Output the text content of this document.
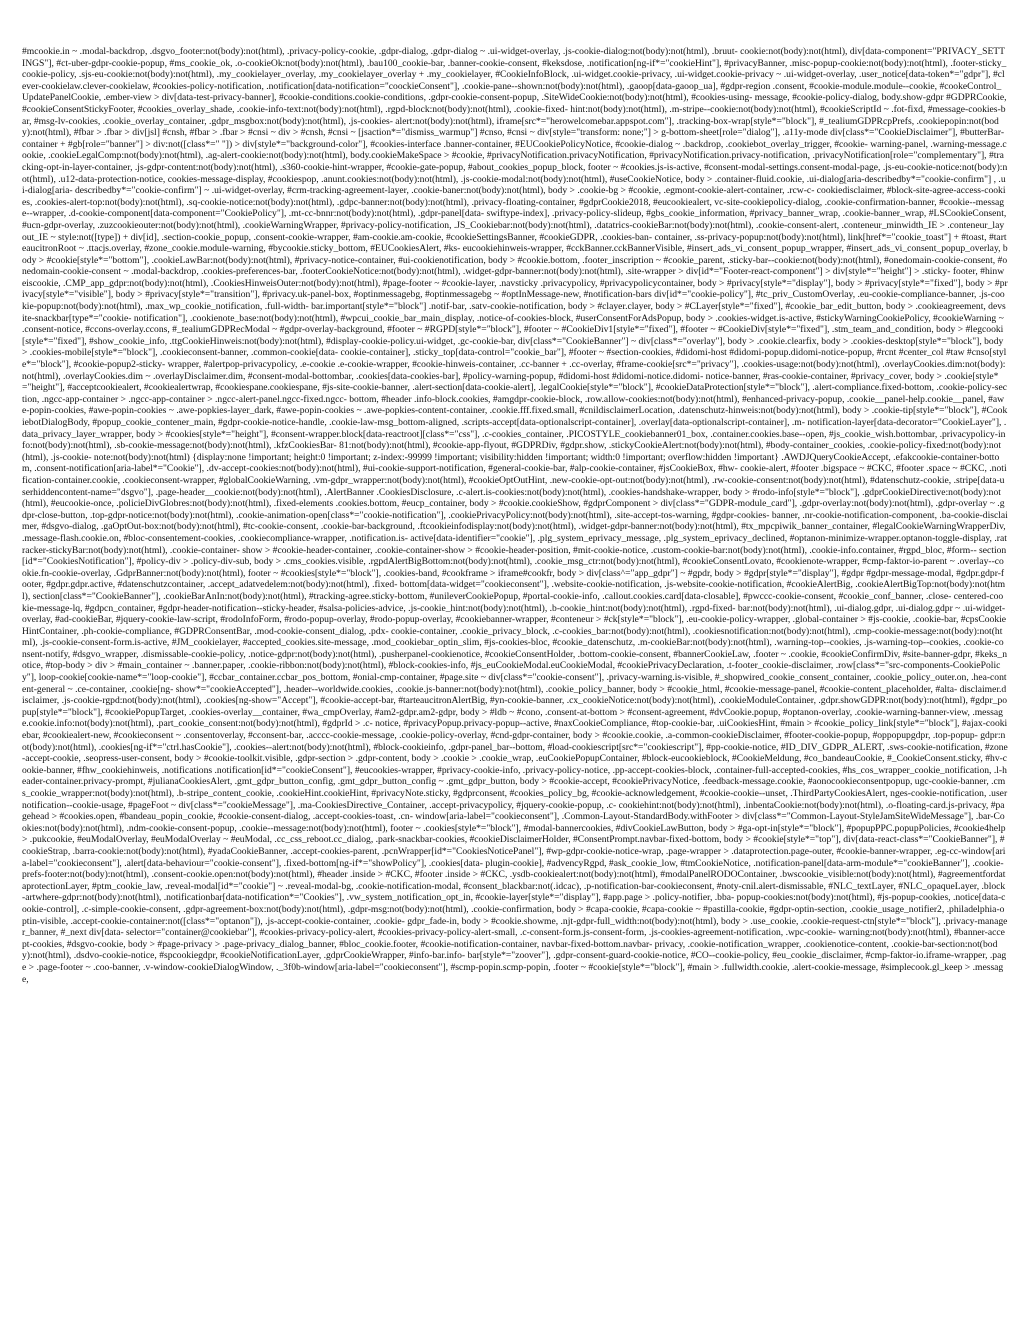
#mcookie.in ~ .modal-backdrop, .dsgvo_footer:not(body):not(html), .privacy-policy-cookie, .gdpr-dialog, .gdpr-dialog ~ .ui-widget-overlay, .js-cookie-dialog:not(body):not(html), .bruut- cookie:not(body):not(html), div[data-component="PRIVACY_SETTINGS"], #ct-uber-gdpr-cookie-popup, #ms_cookie_ok, .o-cookieOk:not(body):not(html), .bau100_cookie-bar, .banner-cookie-consent, #keksdose, .notification[ng-if*="cookieHint"], #privacyBanner, .misc-popup-cookie:not(body):not(html), .footer-sticky_cookie-policy, .sjs-eu-cookie:not(body):not(html), .my_cookielayer_overlay, .my_cookielayer_overlay + .my_cookielayer, #CookieInfoBlock, .ui-widget.cookie-privacy, .ui-widget.cookie-privacy ~ .ui-widget-overlay, .user_notice[data-token*="gdpr"], #clever-cookielaw.clever-cookielaw, #cookies-policy-notification, .notification[data-notification="coockieConsent"], .cookie-pane--shown:not(body):not(html), .gaoop[data-gaoop_ua], #gdpr-region .consent, #cookie-module.module--cookie, #cookeControl_UpdatePanelCookie, .ember-view > div[data-test-privacy-banner], #cookie-conditions.cookie-conditions, .gdpr-cookie-consent-popup, .SiteWideCookie:not(body):not(html), #cookies-using- message, #cookie-policy-dialog, body.show-gdpr #GDPRCookie, #cookieConsentStickyFooter, #cookies_overlay_shade, .cookie-info-text:not(body):not(html), .rgpd-block:not(body):not(html), .cookie-fixed- hint:not(body):not(html), .m-stripe--cookie:not(body):not(html), #cookieScriptId ~ .fot-fixd, #message-cookies-bar, #msg-lv-cookies, .cookie_overlay_container, .gdpr_msgbox:not(body):not(html), .js-cookies- alert:not(body):not(html), iframe[src*="herowelcomebar.appspot.com"], .tracking-box-wrap[style*="block"], #_tealiumGDPRcpPrefs, .cookiepopin:not(body):not(html), #fbar > .fbar > div[jsl] #cnsh, #fbar > .fbar > #cnsi ~ div > #cnsh, #cnsi ~ [jsaction*="dismiss_warmup"] #cnso, #cnsi ~ div[style="transform: none;"] > g-bottom-sheet[role="dialog"], .a11y-mode div[class*="CookieDisclaimer"], #butterBar-container + #gb[role="banner"] > div:not([class*=" "]) > div[style*="background-color"], #cookies-interface .banner-container, #EUCookiePolicyNotice, #cookie-dialog ~ .backdrop, .cookiebot_overlay_trigger, #cookie- warning-panel, .warning-message.cookie, .cookieLegalComp:not(body):not(html), .ag-alert-cookie:not(body):not(html), body.cookieMakeSpace > #cookie, #privacyNotification.privacyNotification, #privacyNotification.privacy-notification, .privacyNotification[role="complementary"], #tracking-opt-in-layer-container, .js-gdpr-content:not(body):not(html), .s360-cookie-hint-wrapper, #cookie-gate-popup, #about_cookies_popup_block, footer ~ #cookies.js-is-active, #consent-modal-settings.consent-modal-page, .js-eu-cookie-notice:not(body):not(html), .u12-data-protection-notice, cookies-message-display, #cookiespop, .anunt.cookies:not(body):not(html), .js-cookie-modal:not(body):not(html), #useCookieNotice, body > .container-fluid.cookie, .ui-dialog[aria-describedby*="cookie-confirm"] , .ui-dialog[aria- describedby*="cookie-confirm"] ~ .ui-widget-overlay, #crm-tracking-agreement-layer, .cookie-baner:not(body):not(html), body > .cookie-bg > #cookie, .egmont-cookie-alert-container, .rcw-c- cookiedisclaimer, #block-site-agree-access-cookies, .cookies-alert-top:not(body):not(html), .sq-cookie-notice:not(body):not(html), .gdpc-banner:not(body):not(html), .privacy-floating-container, #gdprCookie2018, #eucookiealert, vc-site-cookiepolicy-dialog, .cookie-confirmation-banner, #cookie--message--wrapper, .d-cookie-component[data-component="CookiePolicy"], .mt-cc-bnnr:not(body):not(html), .gdpr-panel[data- swiftype-index], .privacy-policy-slideup, #gbs_cookie_information, #privacy_banner_wrap, .cookie-banner_wrap, #LSCookieConsent, #ucn-gdpr-overlay, .zuzcookieouter:not(body):not(html), .cookieWarningWrapper, #privacy-policy-notification, .JS_Cookiebar:not(body):not(html), .datatrics-cookieBar:not(body):not(html), .cookie-consent-alert, .conteneur_minwidth_IE > .conteneur_layout_IE ~ style:not([type]) + div[id], .section-cookie_popup, .consent-cookie-wrapper, #am-cookie.am-cookie, #cookieSettingsBanner, #cookieGDPR, .cookies-ban- container, .ss-privacy-popup:not(body):not(html), link[href*="cookie_toast"] + #toast, #tarteaucitronRoot ~ .ttacjs.overlay, #zone_cookie.module-warning, #bycookie.sticky_bottom, #EUCookiesAlert, #ks- eucookiehinweis-wrapper, #cckBanner.cckBannerVisible, #insert_ads_vi_consent_popup_wrapper, #insert_ads_vi_consent_popup_overlay, body > #cookie[style*="bottom"], .cookieLawBar:not(body):not(html), #privacy-notice-container, #ui-cookienotification, body > #cookie.bottom, .footer_inscription ~ #cookie_parent, .sticky-bar--cookie:not(body):not(html), #onedomain-cookie-consent, #onedomain-cookie-consent ~ .modal-backdrop, .cookies-preferences-bar, .footerCookieNotice:not(body):not(html), .widget-gdpr-banner:not(body):not(html), .site-wrapper > div[id*="Footer-react-component"] > div[style*="height"] > .sticky- footer, #hinweiscookie, .CMP_app_gdpr:not(body):not(html), .CookiesHinweisOuter:not(body):not(html), #page-footer ~ #cookie-layer, .navsticky .privacypolicy, #privacypolicycontainer, body > #privacy[style*="display"], body > #privacy[style*="fixed"], body > #privacy[style*="visible"], body > #privacy[style*="transition"], #privacy.uk-panel-box, #optinmessagebg, #optinmessagebg ~ #optInMessage-new, #notification-bars div[id*="cookie-policy"], #tc_priv_CustomOverlay, .eu-cookie-compliance-banner, .js-cookie-popup:not(body):not(html), .max_wp_cookie_notification, .full-width- bar.important[style*="block"] .notif-bar, .satv-cookie-notification, body > #clayer.clayer, body > #CLayer[style*="fixed"], #cookie_bar_edit_button, body > .cookieagreement, devsite-snackbar[type*="cookie- notification"], .cookienote_base:not(body):not(html), #wpcui_cookie_bar_main_display, .notice-of-cookies-block, #userConsentForAdsPopup, body > .cookies-widget.is-active, #stickyWarningCookiePolicy, #cookieWarning ~ .consent-notice, #ccons-overlay.ccons, #_tealiumGDPRecModal ~ #gdpr-overlay-background, #footer ~ #RGPD[style*="block"], #footer ~ #CookieDiv1[style*="fixed"], #footer ~ #CookieDiv[style*="fixed"], .stm_team_and_condition, body > #legcooki[style*="fixed"], #show_cookie_info, .ttgCookieHinweis:not(body):not(html), #display-cookie-policy.ui-widget, .gc-cookie-bar, div[class*="CookieBanner"] ~ div[class*="overlay"], body > .cookie.clearfix, body > .cookies-desktop[style*="block"], body > .cookies-mobile[style*="block"], .cookieconsent-banner, .common-cookie[data- cookie-container], .sticky_top[data-control="cookie_bar"], #footer ~ #section-cookies, #didomi-host #didomi-popup.didomi-notice-popup, #rcnt #center_col #taw #cnso[style*="block"], #cookie-popup2-sticky- wrapper, #alertpop-privacypolicy, .e-cookie .e-cookie-wrapper, #cookie-hinweis-container, .cc-banner + .cc-overlay, #frame-cookie[src*="privacy"], .cookies-usage:not(body):not(html), .overlayCookies.dim:not(body):not(html), .overlayCookies.dim ~ .overlayDisclaimer.dim, #consent-modal-bottombar, .cookies[data-cookies-bar], #policy-warning-popup, #didomi-host #didomi-notice.didomi- notice-banner, #ras-cookie-container, #privacy_cover, body > .cookie[style*="height"], #acceptcookiealert, #cookiealertwrap, #cookiespane.cookiespane, #js-site-cookie-banner, .alert-section[data-cookie-alert], .legalCookie[style*="block"], #cookieDataProtection[style*="block"], .alert-compliance.fixed-bottom, .cookie-policy-section, .ngcc-app-container > .ngcc-app-container > .ngcc-alert-panel.ngcc-fixed.ngcc- bottom, #header .info-block.cookies, #amgdpr-cookie-block, .row.allow-cookies:not(body):not(html), #enhanced-privacy-popup, .cookie__panel-help.cookie__panel, #awe-popin-cookies, #awe-popin-cookies ~ .awe-popkies-layer_dark, #awe-popin-cookies ~ .awe-popkies-content-container, .cookie.fff.fixed.small, #cnildisclaimerLocation, .datenschutz-hinweis:not(body):not(html), body > .cookie-tip[style*="block"], #CookiebotDialogBody, #popup_cookie_contener_main, #gdpr-cookie-notice-handle, .cookie-law-msg_bottom-aligned, .scripts-accept[data-optionalscript-container], .overlay[data-optionalscript-container], .m- notification-layer[data-decorator="CookieLayer"], .data_privacy_layer_wrapper, body > #cookies[style*="height"], #consent-wrapper.block[data-reactroot][class*="css"], .c-cookies_container, .PICOSTYLE_cookiebanner01_box, .container.cookies.base--open, #js_cookie_wish.bottombar, .privacypolicy-info:not(body):not(html), .sb-cookie-message:not(body):not(html), .kfzCookiesBar- 81:not(body):not(html), #cookie-app-flyout, #GDPRDiv, #gdpr.show, .stickyCookieAlert:not(body):not(html), #body-container_cookies, .cookie-policy-fixed:not(body):not(html), .js-cookie- note:not(body):not(html) {display:none !important; height:0 !important; z-index:-99999 !important; visibility:hidden !important; width:0 !important; overflow:hidden !important} .AWDJQueryCookieAccept, .efakcookie-container-bottom, .consent-notification[aria-label*="Cookie"], .dv-accept-cookies:not(body):not(html), #ui-cookie-support-notification, #general-cookie-bar, #alp-cookie-container, #jsCookieBox, #hw- cookie-alert, #footer .bigspace ~ #CKC, #footer .space ~ #CKC, .notification-container.cookie, .cookieconsent-wrapper, #globalCookieWarning, .vm-gdpr_wrapper:not(body):not(html), #cookieOptOutHint, .new-cookie-opt-out:not(body):not(html), .rw-cookie-consent:not(body):not(html), #datenschutz-cookie, .stripe[data-userhiddencontent-name="dsgvo"], .page-header__cookie:not(body):not(html), .AlertBanner .CookiesDisclosure, .c-alert.is-cookies:not(body):not(html), .cookies-handshake-wrapper, body > #rodo-info[style*="block"], .gdprCookieDirective:not(body):not(html), #eucookie-once, .policieDivGlobres:not(body):not(html), .fixed-elements .cookies.bottom, #eucp_container, body > #cookie.cookieShow, #gdprComponent > div[class*="GDPR-module_card"], .gdpr-overlay:not(body):not(html), .gdpr-overlay ~ .gdpr-close-button, .top-gdpr-notice:not(body):not(html), .cookie-animation-open[class*="cookie-notification"], .cookiePrivacyPolicy:not(body):not(html), .site-accept-tos-warning, #gdpr-cookies- banner, .nr-cookie-notification-component, .ba-cookie-disclaimer, #dsgvo-dialog, .gaOptOut-box:not(body):not(html), #tc-cookie-consent, .cookie-bar-background, .ftcookieinfodisplay:not(body):not(html), .widget-gdpr-banner:not(body):not(html), #tx_mpcpiwik_banner_container, #legalCookieWarningWrapperDiv, .message-flash.cookie.on, #bloc-consentement-cookies, .cookiecompliance-wrapper, .notification.is- active[data-identifier="cookie"], .plg_system_eprivacy_message, .plg_system_eprivacy_declined, #optanon-minimize-wrapper.optanon-toggle-display, .ratracker-stickyBar:not(body):not(html), .cookie-container- show > #cookie-header-container, .cookie-container-show > #cookie-header-position, #mit-cookie-notice, .custom-cookie-bar:not(body):not(html), .cookie-info.container, #rgpd_bloc, #form-- section[id*="CookiesNotification"], #policy-div > .policy-div-sub, body > .cms_cookies.visible, .rgpdAlertBigBottom:not(body):not(html), .cookie_msg_ctr:not(body):not(html), #cookieConsentLovato, #cookienote-wrapper, #cmp-faktor-io-parent ~ .overlay--cookie.fn-cookie-overlay, .GdprBanner:not(body):not(html), footer ~ #cookies[style*="block"], .cookies-band, #cookframe > iframe#cookfr, body > div[class^="app_gdpr"] ~ #gpdr, body > #gdpr[style*="display"], #gdpr #gdpr-message-modal, #gdpr.gdpr-footer, #gdpr.gdpr.active, #datenschutzcontainer, .accept_adatvedelem:not(body):not(html), .fixed- bottom[data-widget="cookieconsent"], .website-cookie-notification, .js-website-cookie-notification, #cookieAlertBig, .cookieAlertBigTop:not(body):not(html), section[class*="CookieBanner"], .cookieBarAnIn:not(body):not(html), #tracking-agree.sticky-bottom, #unileverCookiePopup, #portal-cookie-info, .callout.cookies.card[data-closable], #pwccc-cookie-consent, #cookie_conf_banner, .close- centered-cookie-message-lq, #gdpcn_container, #gdpr-header-notification--sticky-header, #salsa-policies-advice, .js-cookie_hint:not(body):not(html), .b-cookie_hint:not(body):not(html), .rgpd-fixed- bar:not(body):not(html), .ui-dialog.gdpr, .ui-dialog.gdpr ~ .ui-widget-overlay, #ad-cookieBar, #jquery-cookie-law-script, #rodoInfoForm, #rodo-popup-overlay, #rodo-popup-overlay, #cookiebanner-wrapper, #conteneur > #ck[style*="block"], .eu-cookie-policy-wrapper, .global-container > #js-cookie, .cookie-bar, #cpsCookieHintContainer, .ph-cookie-compliance, #GDPRConsentBar, .mod-cookie-consent_dialog, .pdx- cookie-container, .cookie_privacy_block, .c-cookies_bar:not(body):not(html), .cookiesnotification:not(body):not(html), .cmp-cookie-message:not(body):not(html), .js-cookie-consent-form.is-active, #JM_cookielayer, #accepted_cookies.site-message, .mod_cookiebar_optin_slim, #js-cookies-bloc, #cookie_datenschutz, .m-cookieBar:not(body):not(html), .warning-top--cookies, .js-warning-top--cookies, .cookie-consent-notify, #dsgvo_wrapper, .dismissable-cookie-policy, .notice-gdpr:not(body):not(html), .pusherpanel-cookienotice, #cookieConsentHolder, .bottom-cookie-consent, #bannerCookieLaw, .footer ~ .cookie, #cookieConfirmDiv, #site-banner-gdpr, #keks_notice, #top-body > div > #main_container ~ .banner.paper, .cookie-ribbon:not(body):not(html), #block-cookies-info, #js_euCookieModal.euCookieModal, #cookiePrivacyDeclaration, .t-footer_cookie-disclaimer, .row[class*="src-components-CookiePolicy"], loop-cookie[cookie-name*="loop-cookie"], #ccbar_container.ccbar_pos_bottom, #onial-cmp-container, #page.site ~ div[class*="cookie-consent"], .privacy-warning.is-visible, #_shopwired_cookie_consent_container, .cookie_policy_outer.on, .hea-content-general ~ .ce-container, .cookie[ng- show*="cookieAccepted"], .header--worldwide.cookies, .cookie.js-banner:not(body):not(html), .cookie_policy_banner, body > #cookie_html, #cookie-message-panel, #cookie-content_placeholder, #alta- disclaimer.disclaimer, .js-cookie-rgpd:not(body):not(html), .cookies[ng-show="Accept"], #cookie-accept-bar, #tarteaucitronAlertBig, #yn-cookie-banner, .cx_cookieNotice:not(body):not(html), .cookieModuleContainer, .gdpr.showGDPR:not(body):not(html), #gdpr_popup[style*="block"], #cookiePopupTarget, .cookies-overlay__container, #wa_cmpOverlay, #am2-gdpr.am2-gdpr, body > #ldb ~ #cono, .consent-at-bottom > #consent-agreement, #dvCookie.popup, #optanon-overlay, .cookie-warning-banner-view, .message.cookie.info:not(body):not(html), .part_cookie_consent:not(body):not(html), #gdprId > .c- notice, #privacyPopup.privacy-popup--active, #naxCookieCompliance, #top-cookie-bar, .uiCookiesHint, #main > #cookie_policy_link[style*="block"], #ajax-cookiebar, #cookiealert-new, #cookieconsent ~ .consentoverlay, #cconsent-bar, .acccc-cookie-message, .cookie-policy-overlay, #cnd-gdpr-container, body > #cookie.cookie, .a-common-cookieDisclaimer, #footer-cookie-popup, #oppopupgdpr, .top-popup- gdpr:not(body):not(html), .cookies[ng-if*="ctrl.hasCookie"], .cookies--alert:not(body):not(html), #block-cookieinfo, .gdpr-panel_bar--bottom, #load-cookiescript[src*="cookiescript"], #pp-cookie-notice, #ID_DIV_GDPR_ALERT, .sws-cookie-notification, #zone-accept-cookie, .seopress-user-consent, body > #cookie-toolkit.visible, .gdpr-section > .gdpr-content, body > .cookie > .cookie_wrap, .euCookiePopupContainer, #block-eucookieblock, #CookieMeldung, #co_bandeauCookie, #_CookieConsent.sticky, #hv-cookie-banner, #fhw_cookiehinweis, .notifications .notification[id*="cookieConsent"], #eucookies-wrapper, #privacy-cookie-info, .privacy-policy-notice, .pp-accept-cookies-block, .container-full-accepted-cookies, #hs_cos_wrapper_cookie_notification, .l-header-container.privacy-prompt, #julianaCookiesAlert, .gmt_gdpr_button_config, .gmt_gdpr_button_config ~ .gmt_gdpr_button, body > #cookie-accept, #cookiePrivacyNotice, .feedback-message.cookie, #aonocookieconsentpopup, ugc-cookie-banner, .cms_cookie_wrapper:not(body):not(html), .b-stripe_content_cookie, .cookieHint.cookieHint, #privacyNote.sticky, #gdprconsent, #cookies_policy_bg, #cookie-acknowledgement, #cookie-cookie--unset, .ThirdPartyCookiesAlert, nges-cookie-notification, .usernotification--cookie-usage, #pageFoot ~ div[class*="cookieMessage"], .ma-CookiesDirective_Container, .accept-privacypolicy, #jquery-cookie-popup, .c- cookiehint:not(body):not(html), .inbentaCookie:not(body):not(html), .o-floating-card.js-privacy, #pagehead > #cookies.open, #bandeau_popin_cookie, #cookie-consent-dialog, .accept-cookies-toast, .cn- window[aria-label="cookieconsent"], .Common-Layout-StandardBody.withFooter > div[class*="Common-Layout-StyleJamSiteWideMessage"], .bar-Cookies:not(body):not(html), .ndm-cookie-consent-popup, .cookie--message:not(body):not(html), footer ~ .cookies[style*="block"], #modal-bannercookies, #divCookieLawButton, body > #ga-opt-in[style*="block"], #popupPPC.popupPolicies, #cookie4help > .pukcookie, #euModalOverlay, #euModalOverlay ~ #euModal, .cc_css_reboot.cc_dialog, .park-snackbar-cookies, #cookieDisclaimerHolder, #ConsentPrompt.navbar-fixed-bottom, body > #cookie[style*="top"], div[data-react-class*="CookieBanner"], #cookieStrap, .barra-cookie:not(body):not(html), #yadaCookieBanner, .accept-cookies-parent, .pcnWrapper[id*="CookiesNoticePanel"], #wp-gdpr-cookie-notice-wrap, .page-wrapper > .dataprotection.page-outer, #cookie-banner-wrapper, .eg-cc-window[aria-label="cookieconsent"], .alert[data-behaviour="cookie-consent"], .fixed-bottom[ng-if*="showPolicy"], .cookies[data- plugin-cookie], #advencyRgpd, #ask_cookie_low, #tmCookieNotice, .notification-panel[data-arm-module*="cookieBanner"], .cookie-prefs-footer:not(body):not(html), .consent-cookie.open:not(body):not(html), #header .inside > #CKC, #footer .inside > #CKC, .ysdb-cookiealert:not(body):not(html), #modalPanelRODOContainer, .bwscookie_visible:not(body):not(html), #agreementfordataprotectionLayer, #ptm_cookie_law, .reveal-modal[id*="cookie"] ~ .reveal-modal-bg, .cookie-notification-modal, #consent_blackbar:not(.idcac), .p-notification-bar-cookieconsent, #noty-cnil.alert-dismissable, #NLC_textLayer, #NLC_opaqueLayer, .block-artwhere-gdpr:not(body):not(html), .notificationbar[data-notification*="Cookies"], .vw_system_notification_opt_in, #cookie-layer[style*="display"], #app.page > .policy-notifier, .bba- popup-cookies:not(body):not(html), #js-popup-cookies, .notice[data-cookie-control], .c-simple-cookie-consent, .gdpr-agreement-box:not(body):not(html), .gdpr-msg:not(body):not(html), .cookie-confirmation, body > #capa-cookie, #capa-cookie ~ #pastilla-cookie, #gdpr-optin-section, .cookie_usage_notifier2, .philadelphia-optin-visible, .accept-cookie-container:not([class*="optanon"]), .js-accept-cookie-container, .cookie- gdpr_fade-in, body > #cookie.showme, .njt-gdpr-full_width:not(body):not(html), body > .use_cookie, .cookie-request-ctn[style*="block"], .privacy-manager_banner, #_next div[data- selector="container@cookiebar"], #cookies-privacy-policy-alert, #cookies-privacy-policy-alert-small, .c-consent-form.js-consent-form, .js-cookies-agreement-notification, .wpc-cookie- warning:not(body):not(html), #banner-accept-cookies, #dsgvo-cookie, body > #page-privacy > .page-privacy_dialog_banner, #bloc_cookie.footer, #cookie-notification-container, navbar-fixed-bottom.navbar- privacy, .cookie-notification_wrapper, .cookienotice-content, .cookie-bar-section:not(body):not(html), .dsdvo-cookie-notice, #spcookiegdpr, #cookieNotificationLayer, .gdprCookieWrapper, #info-bar.info- bar[style*="zoover"], .gdpr-consent-guard-cookie-notice, #CO--cookie-policy, #eu_cookie_disclaimer, #cmp-faktor-io.iframe-wrapper, .page > .page-footer ~ .coo-banner, .v-window-cookieDialogWindow, ._3f0b-window[aria-label="cookieconsent"], #scmp-popin.scmp-popin, .footer ~ #cookie[style*="block"], #main > .fullwidth.cookie, .alert-cookie-message, #simplecook.gl_keep > .message,
